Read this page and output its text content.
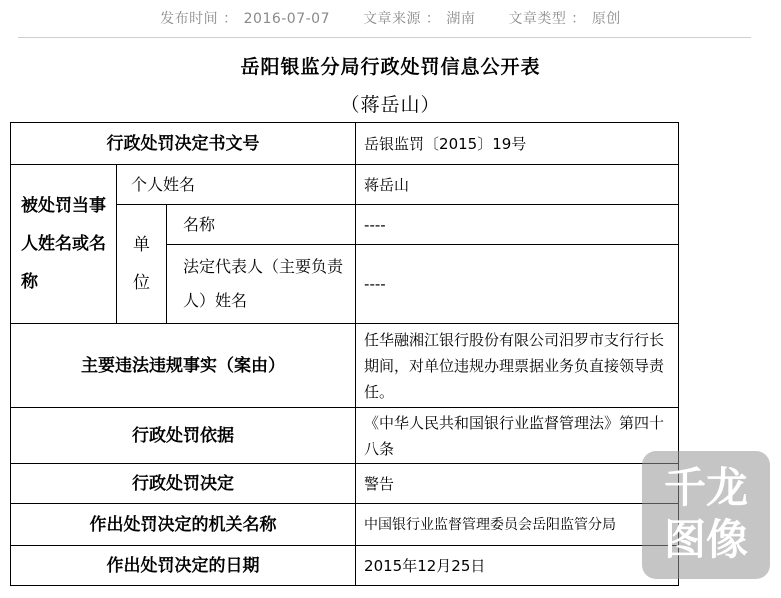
发布时间 ： 2016-07-07 文章来源 ： 湖南 文章类型 ： 原创
岳阳银监分局行政处罚信息公开表
（蒋岳山）
行政处罚决定书文号			岳银监罚〔2015〕19号
被处罚当事人姓名或名称	个人姓名		蒋岳山
	单位	名称	----
		法定代表人（主要负责人）姓名	----
主要违法违规事实（案由）			任华融湘江银行股份有限公司汨罗市支行行长期间，对单位违规办理票据业务负直接领导责任。
行政处罚依据			《中华人民共和国银行业监督管理法》第四十八条
行政处罚决定			警告
作出处罚决定的机关名称			中国银行业监督管理委员会岳阳监管分局
作出处罚决定的日期			2015年12月25日
千龙
图像
